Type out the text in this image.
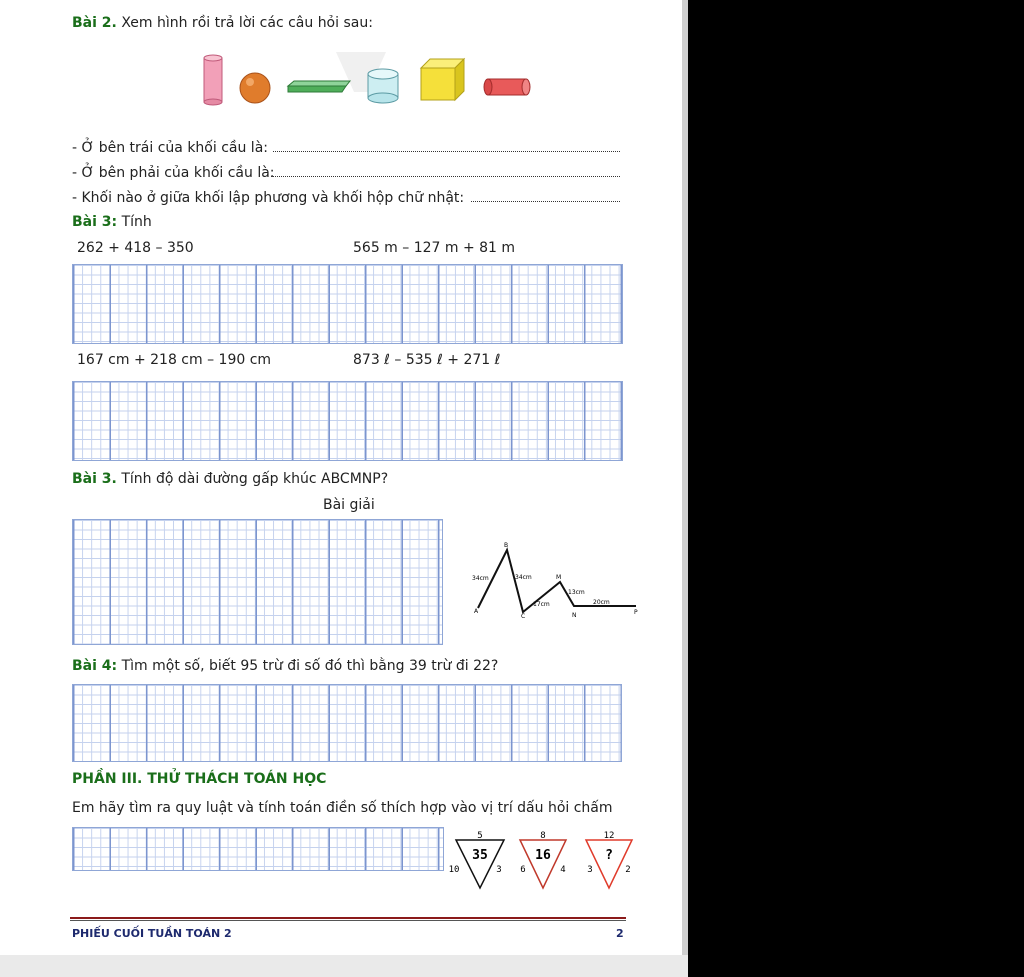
Bài 2. Xem hình rồi trả lời các câu hỏi sau:
- Ở bên trái của khối cầu là:
- Ở bên phải của khối cầu là:
- Khối nào ở giữa khối lập phương và khối hộp chữ nhật:
Bài 3: Tính
262 + 418 – 350	565 m – 127 m + 81 m
167 cm + 218 cm – 190 cm	873 ℓ – 535 ℓ + 271 ℓ
Bài 3. Tính độ dài đường gấp khúc ABCMNP?
Bài giải
A
B
C
M
N	P
34cm	34cm
17cm
13cm
20cm
Bài 4: Tìm một số, biết 95 trừ đi số đó thì bằng 39 trừ đi 22?
PHẦN III. THỬ THÁCH TOÁN HỌC
Em hãy tìm ra quy luật và tính toán điền số thích hợp vào vị trí dấu hỏi chấm
5
35
10	3
8
16
6	4
12
?
3	2
PHIẾU CUỐI TUẦN TOÁN 2	2
